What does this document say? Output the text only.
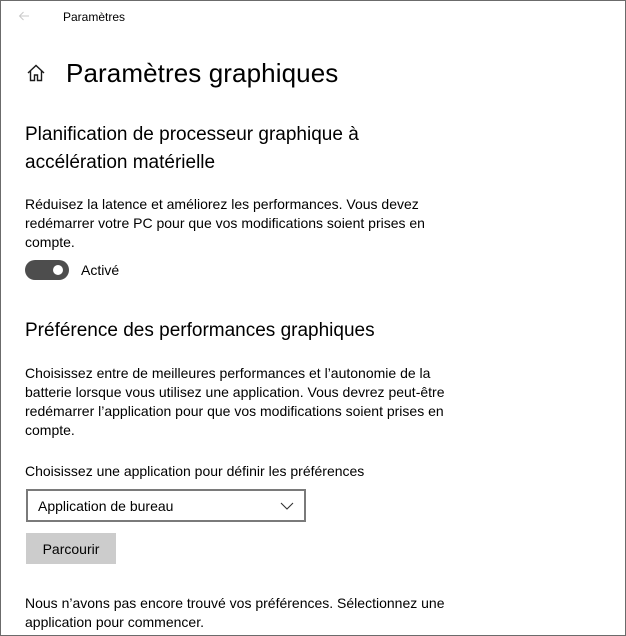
Paramètres
Paramètres graphiques
Planification de processeur graphique à accélération matérielle
Réduisez la latence et améliorez les performances. Vous devez redémarrer votre PC pour que vos modifications soient prises en compte.
Activé
Préférence des performances graphiques
Choisissez entre de meilleures performances et l’autonomie de la batterie lorsque vous utilisez une application. Vous devrez peut-être redémarrer l’application pour que vos modifications soient prises en compte.
Choisissez une application pour définir les préférences
Application de bureau
Parcourir
Nous n’avons pas encore trouvé vos préférences. Sélectionnez une application pour commencer.
